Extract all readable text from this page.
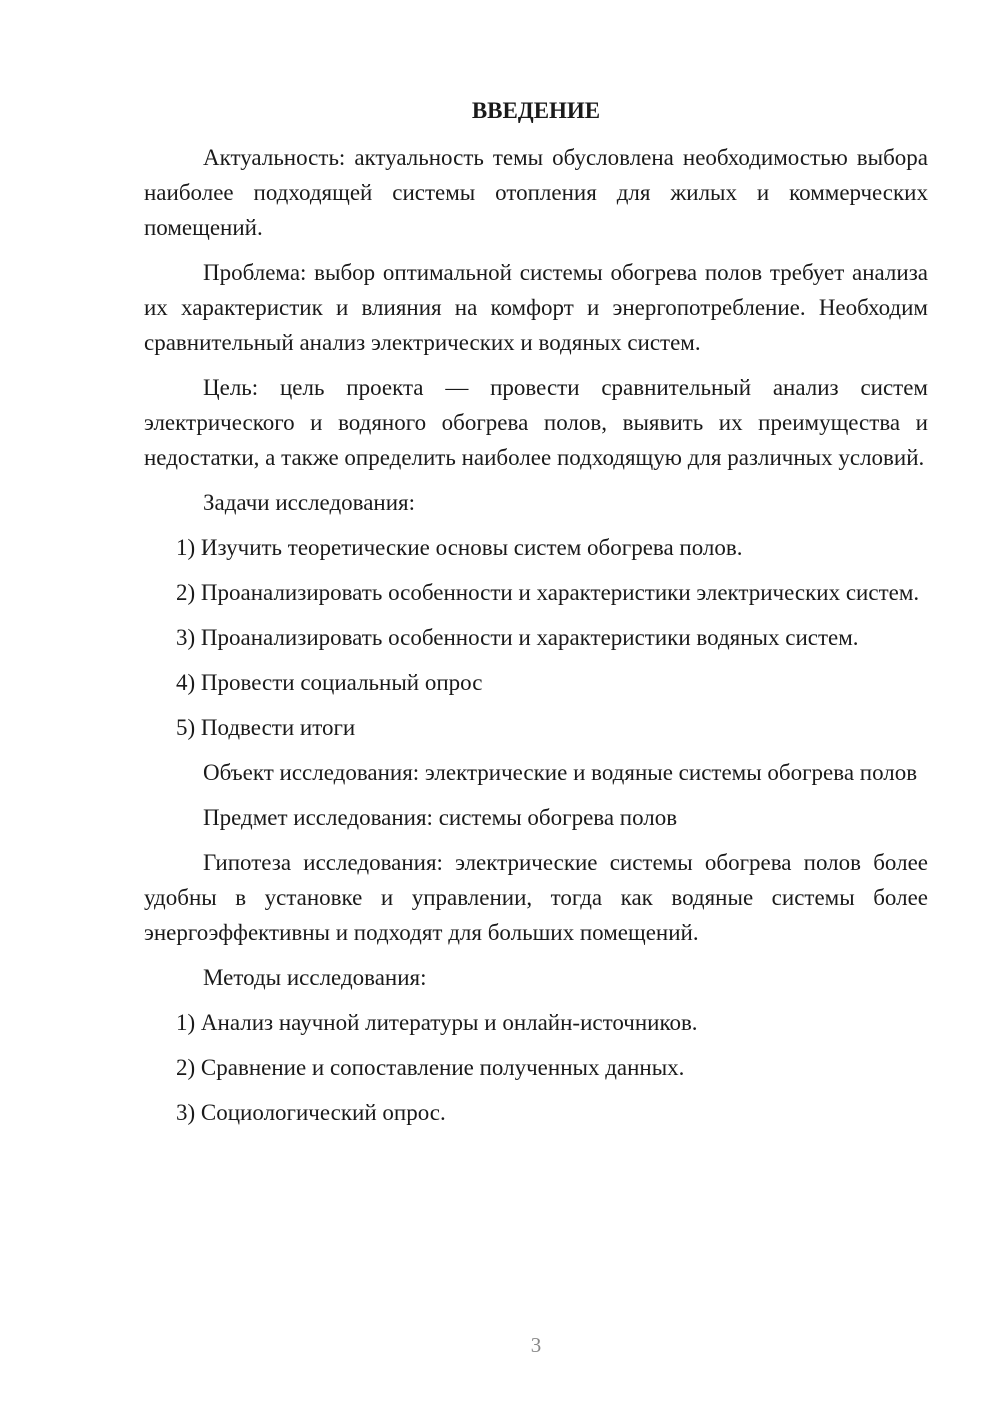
ВВЕДЕНИЕ

Актуальность: актуальность темы обусловлена необходимостью выбора наиболее подходящей системы отопления для жилых и коммерческих помещений.

Проблема: выбор оптимальной системы обогрева полов требует анализа их характеристик и влияния на комфорт и энергопотребление. Необходим сравнительный анализ электрических и водяных систем.

Цель: цель проекта — провести сравнительный анализ систем электрического и водяного обогрева полов, выявить их преимущества и недостатки, а также определить наиболее подходящую для различных условий.

Задачи исследования:

1) Изучить теоретические основы систем обогрева полов.

2) Проанализировать особенности и характеристики электрических систем.

3) Проанализировать особенности и характеристики водяных систем.

4) Провести социальный опрос

5) Подвести итоги

Объект исследования: электрические и водяные системы обогрева полов

Предмет исследования: системы обогрева полов

Гипотеза исследования: электрические системы обогрева полов более удобны в установке и управлении, тогда как водяные системы более энергоэффективны и подходят для больших помещений.

Методы исследования:

1) Анализ научной литературы и онлайн-источников.

2) Сравнение и сопоставление полученных данных.

3) Социологический опрос.

3
